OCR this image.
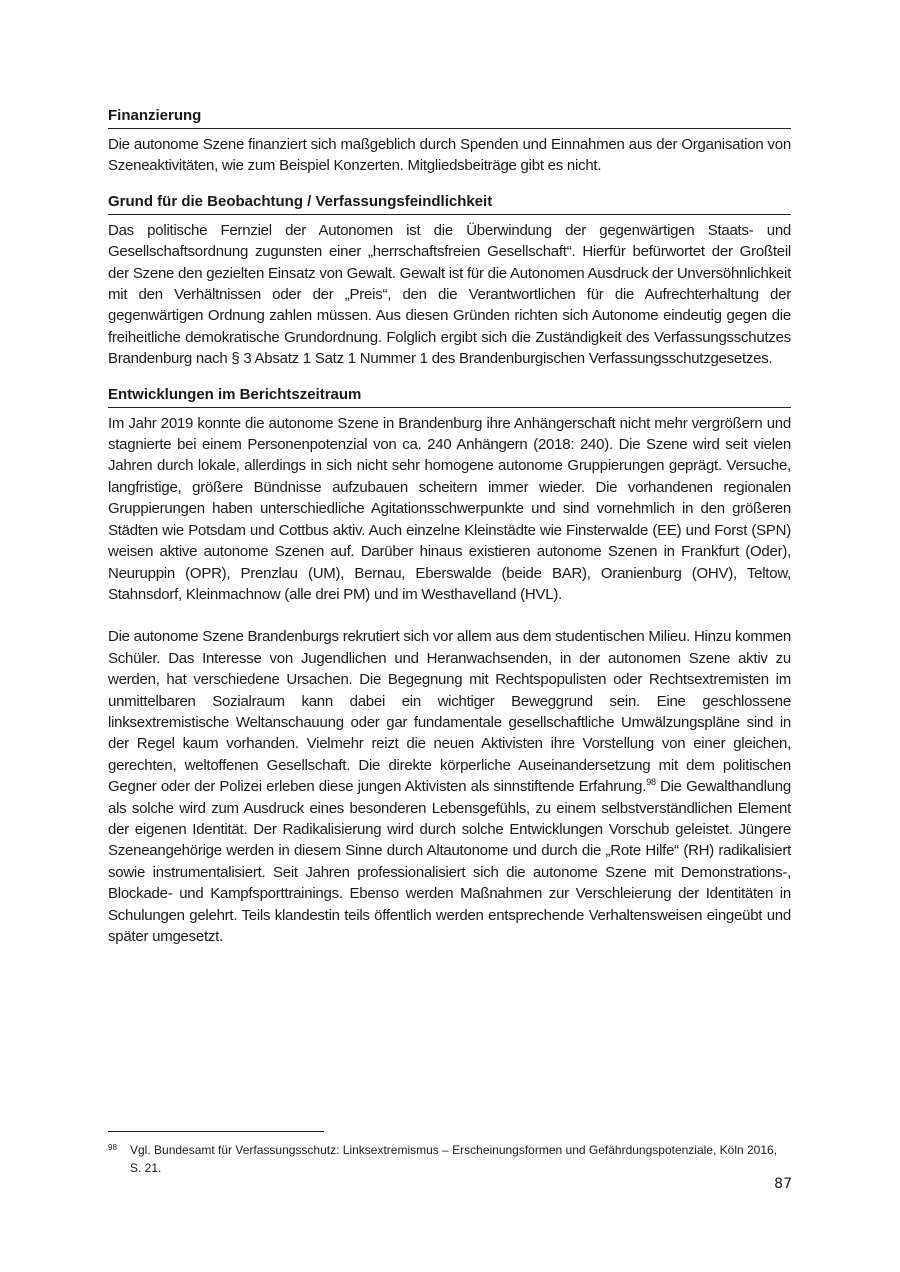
Finanzierung

Die autonome Szene finanziert sich maßgeblich durch Spenden und Einnahmen aus der Organisation von Szeneaktivitäten, wie zum Beispiel Konzerten. Mitgliedsbeiträge gibt es nicht.

Grund für die Beobachtung / Verfassungsfeindlichkeit

Das politische Fernziel der Autonomen ist die Überwindung der gegenwärtigen Staats- und Gesellschaftsordnung zugunsten einer „herrschaftsfreien Gesellschaft“. Hierfür befürwortet der Großteil der Szene den gezielten Einsatz von Gewalt. Gewalt ist für die Autonomen Ausdruck der Unversöhnlichkeit mit den Verhältnissen oder der „Preis“, den die Verantwortlichen für die Aufrechterhaltung der gegenwärtigen Ordnung zahlen müssen. Aus diesen Gründen richten sich Autonome eindeutig gegen die freiheitliche demokratische Grundordnung. Folglich ergibt sich die Zuständigkeit des Verfassungsschutzes Brandenburg nach § 3 Absatz 1 Satz 1 Nummer 1 des Brandenburgischen Verfassungsschutzgesetzes.

Entwicklungen im Berichtszeitraum

Im Jahr 2019 konnte die autonome Szene in Brandenburg ihre Anhängerschaft nicht mehr vergrößern und stagnierte bei einem Personenpotenzial von ca. 240 Anhängern (2018: 240). Die Szene wird seit vielen Jahren durch lokale, allerdings in sich nicht sehr homogene autonome Gruppierungen geprägt. Versuche, langfristige, größere Bündnisse aufzubauen scheitern immer wieder. Die vorhandenen regionalen Gruppierungen haben unterschiedliche Agitationsschwerpunkte und sind vornehmlich in den größeren Städten wie Potsdam und Cottbus aktiv. Auch einzelne Kleinstädte wie Finsterwalde (EE) und Forst (SPN) weisen aktive autonome Szenen auf. Darüber hinaus existieren autonome Szenen in Frankfurt (Oder), Neuruppin (OPR), Prenzlau (UM), Bernau, Eberswalde (beide BAR), Oranienburg (OHV), Teltow, Stahnsdorf, Kleinmachnow (alle drei PM) und im Westhavelland (HVL).

Die autonome Szene Brandenburgs rekrutiert sich vor allem aus dem studentischen Milieu. Hinzu kommen Schüler. Das Interesse von Jugendlichen und Heranwachsenden, in der autonomen Szene aktiv zu werden, hat verschiedene Ursachen. Die Begegnung mit Rechtspopulisten oder Rechtsextremisten im unmittelbaren Sozialraum kann dabei ein wichtiger Beweggrund sein. Eine geschlossene linksextremistische Weltanschauung oder gar fundamentale gesellschaftliche Umwälzungspläne sind in der Regel kaum vorhanden. Vielmehr reizt die neuen Aktivisten ihre Vorstellung von einer gleichen, gerechten, weltoffenen Gesellschaft. Die direkte körperliche Auseinandersetzung mit dem politischen Gegner oder der Polizei erleben diese jungen Aktivisten als sinnstiftende Erfahrung.$^{98}$ Die Gewalthandlung als solche wird zum Ausdruck eines besonderen Lebensgefühls, zu einem selbstverständlichen Element der eigenen Identität. Der Radikalisierung wird durch solche Entwicklungen Vorschub geleistet. Jüngere Szeneangehörige werden in diesem Sinne durch Altautonome und durch die „Rote Hilfe“ (RH) radikalisiert sowie instrumentalisiert. Seit Jahren professionalisiert sich die autonome Szene mit Demonstrations-, Blockade- und Kampfsporttrainings. Ebenso werden Maßnahmen zur Verschleierung der Identitäten in Schulungen gelehrt. Teils klandestin teils öffentlich werden entsprechende Verhaltensweisen eingeübt und später umgesetzt.

98	Vgl. Bundesamt für Verfassungsschutz: Linksextremismus – Erscheinungsformen und Gefährdungspotenziale, Köln 2016, S. 21.
87
